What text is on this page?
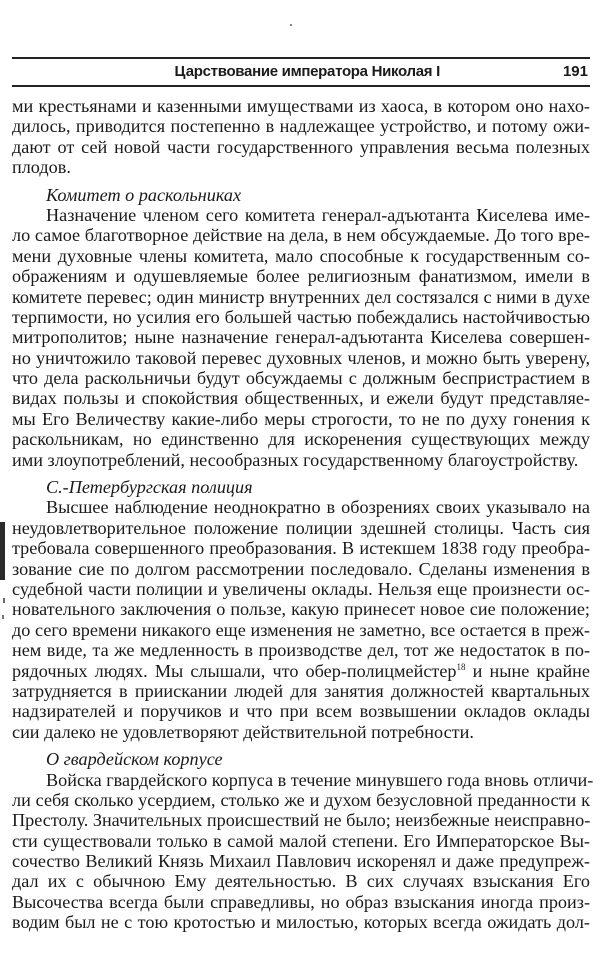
Царствование императора Николая I	191
ми крестьянами и казенными имуществами из хаоса, в котором оно нахо-
дилось, приводится постепенно в надлежащее устройство, и потому ожи-
дают от сей новой части государственного управления весьма полезных
плодов.
Комитет о раскольниках
Назначение членом сего комитета генерал-адъютанта Киселева име-
ло самое благотворное действие на дела, в нем обсуждаемые. До того вре-
мени духовные члены комитета, мало способные к государственным со-
ображениям и одушевляемые более религиозным фанатизмом, имели в
комитете перевес; один министр внутренних дел состязался с ними в духе
терпимости, но усилия его большей частью побеждались настойчивостью
митрополитов; ныне назначение генерал-адъютанта Киселева совершен-
но уничтожило таковой перевес духовных членов, и можно быть уверену,
что дела раскольничьи будут обсуждаемы с должным беспристрастием в
видах пользы и спокойствия общественных, и ежели будут представляе-
мы Его Величеству какие-либо меры строгости, то не по духу гонения к
раскольникам, но единственно для искоренения существующих между
ими злоупотреблений, несообразных государственному благоустройству.
С.-Петербургская полиция
Высшее наблюдение неоднократно в обозрениях своих указывало на
неудовлетворительное положение полиции здешней столицы. Часть сия
требовала совершенного преобразования. В истекшем 1838 году преобра-
зование сие по долгом рассмотрении последовало. Сделаны изменения в
судебной части полиции и увеличены оклады. Нельзя еще произнести ос-
новательного заключения о пользе, какую принесет новое сие положение;
до сего времени никакого еще изменения не заметно, все остается в преж-
нем виде, та же медленность в производстве дел, тот же недостаток в по-
рядочных людях. Мы слышали, что обер-полицмейстер$^{18}$ и ныне крайне
затрудняется в приискании людей для занятия должностей квартальных
надзирателей и поручиков и что при всем возвышении окладов оклады
сии далеко не удовлетворяют действительной потребности.
О гвардейском корпусе
Войска гвардейского корпуса в течение минувшего года вновь отличи-
ли себя сколько усердием, столько же и духом безусловной преданности к
Престолу. Значительных происшествий не было; неизбежные неисправно-
сти существовали только в самой малой степени. Его Императорское Вы-
сочество Великий Князь Михаил Павлович искоренял и даже предупреж-
дал их с обычною Ему деятельностью. В сих случаях взыскания Его
Высочества всегда были справедливы, но образ взыскания иногда произ-
водим был не с тою кротостью и милостью, которых всегда ожидать дол-
